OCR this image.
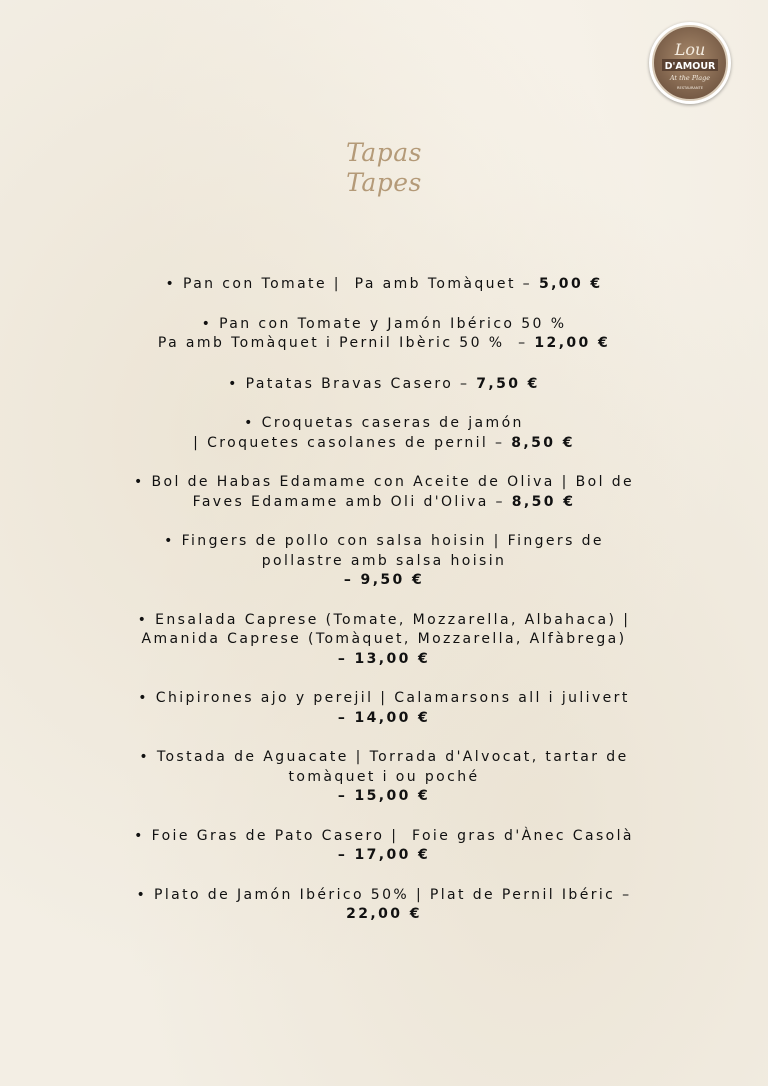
Lou
D'AMOUR
At the Plage
RESTAURANTE
Tapas
Tapes
• Pan con Tomate |  Pa amb Tomàquet – 5,00 €
• Pan con Tomate y Jamón Ibérico 50 %
Pa amb Tomàquet i Pernil Ibèric 50 %  – 12,00 €
• Patatas Bravas Casero – 7,50 €
• Croquetas caseras de jamón
| Croquetes casolanes de pernil – 8,50 €
• Bol de Habas Edamame con Aceite de Oliva | Bol de
Faves Edamame amb Oli d'Oliva – 8,50 €
• Fingers de pollo con salsa hoisin | Fingers de
pollastre amb salsa hoisin
– 9,50 €
• Ensalada Caprese (Tomate, Mozzarella, Albahaca) |
Amanida Caprese (Tomàquet, Mozzarella, Alfàbrega)
– 13,00 €
• Chipirones ajo y perejil | Calamarsons all i julivert
– 14,00 €
• Tostada de Aguacate | Torrada d'Alvocat, tartar de
tomàquet i ou poché
– 15,00 €
• Foie Gras de Pato Casero |  Foie gras d'Ànec Casolà
– 17,00 €
• Plato de Jamón Ibérico 50% | Plat de Pernil Ibéric –
22,00 €
